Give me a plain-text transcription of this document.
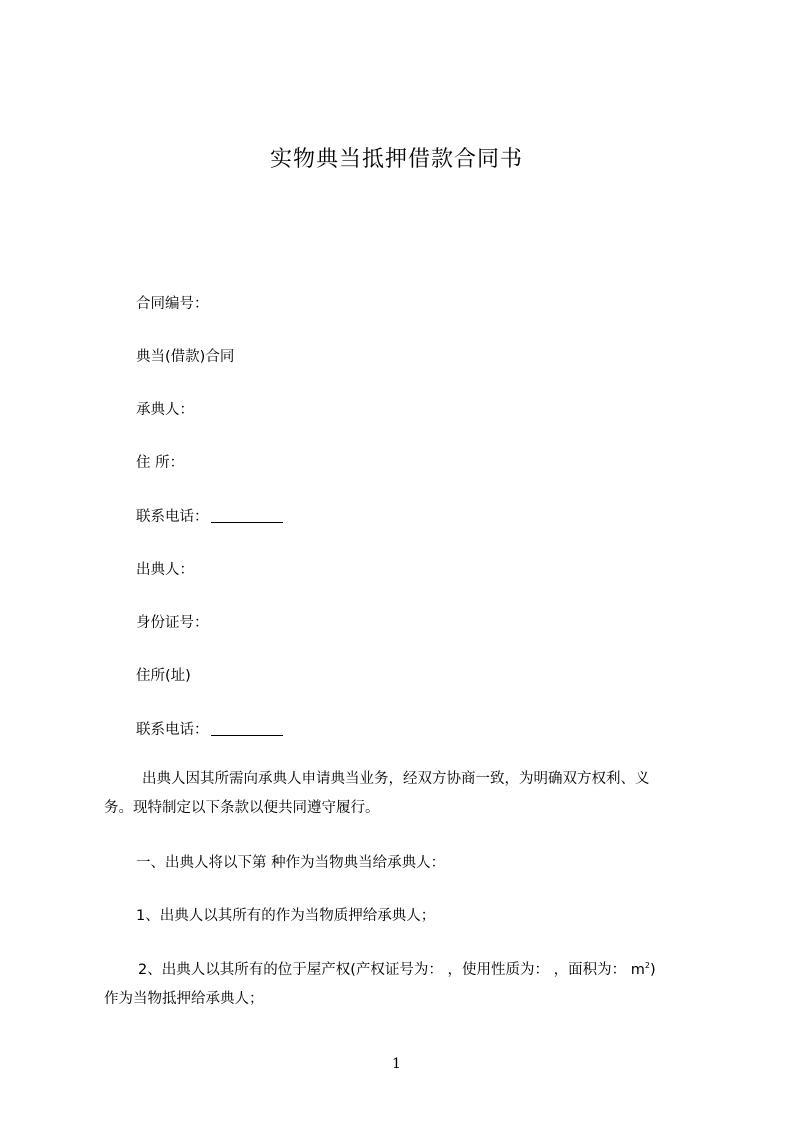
实物典当抵押借款合同书
合同编号：
典当(借款)合同
承典人：
住 所：
联系电话：
出典人：
身份证号：
住所(址)
联系电话：
出典人因其所需向承典人申请典当业务，经双方协商一致，为明确双方权利、义
务。现特制定以下条款以便共同遵守履行。
一、出典人将以下第 种作为当物典当给承典人：
1、出典人以其所有的作为当物质押给承典人；
2、出典人以其所有的位于屋产权(产权证号为： ，使用性质为： ，面积为： $m^2$)
作为当物抵押给承典人；
1
